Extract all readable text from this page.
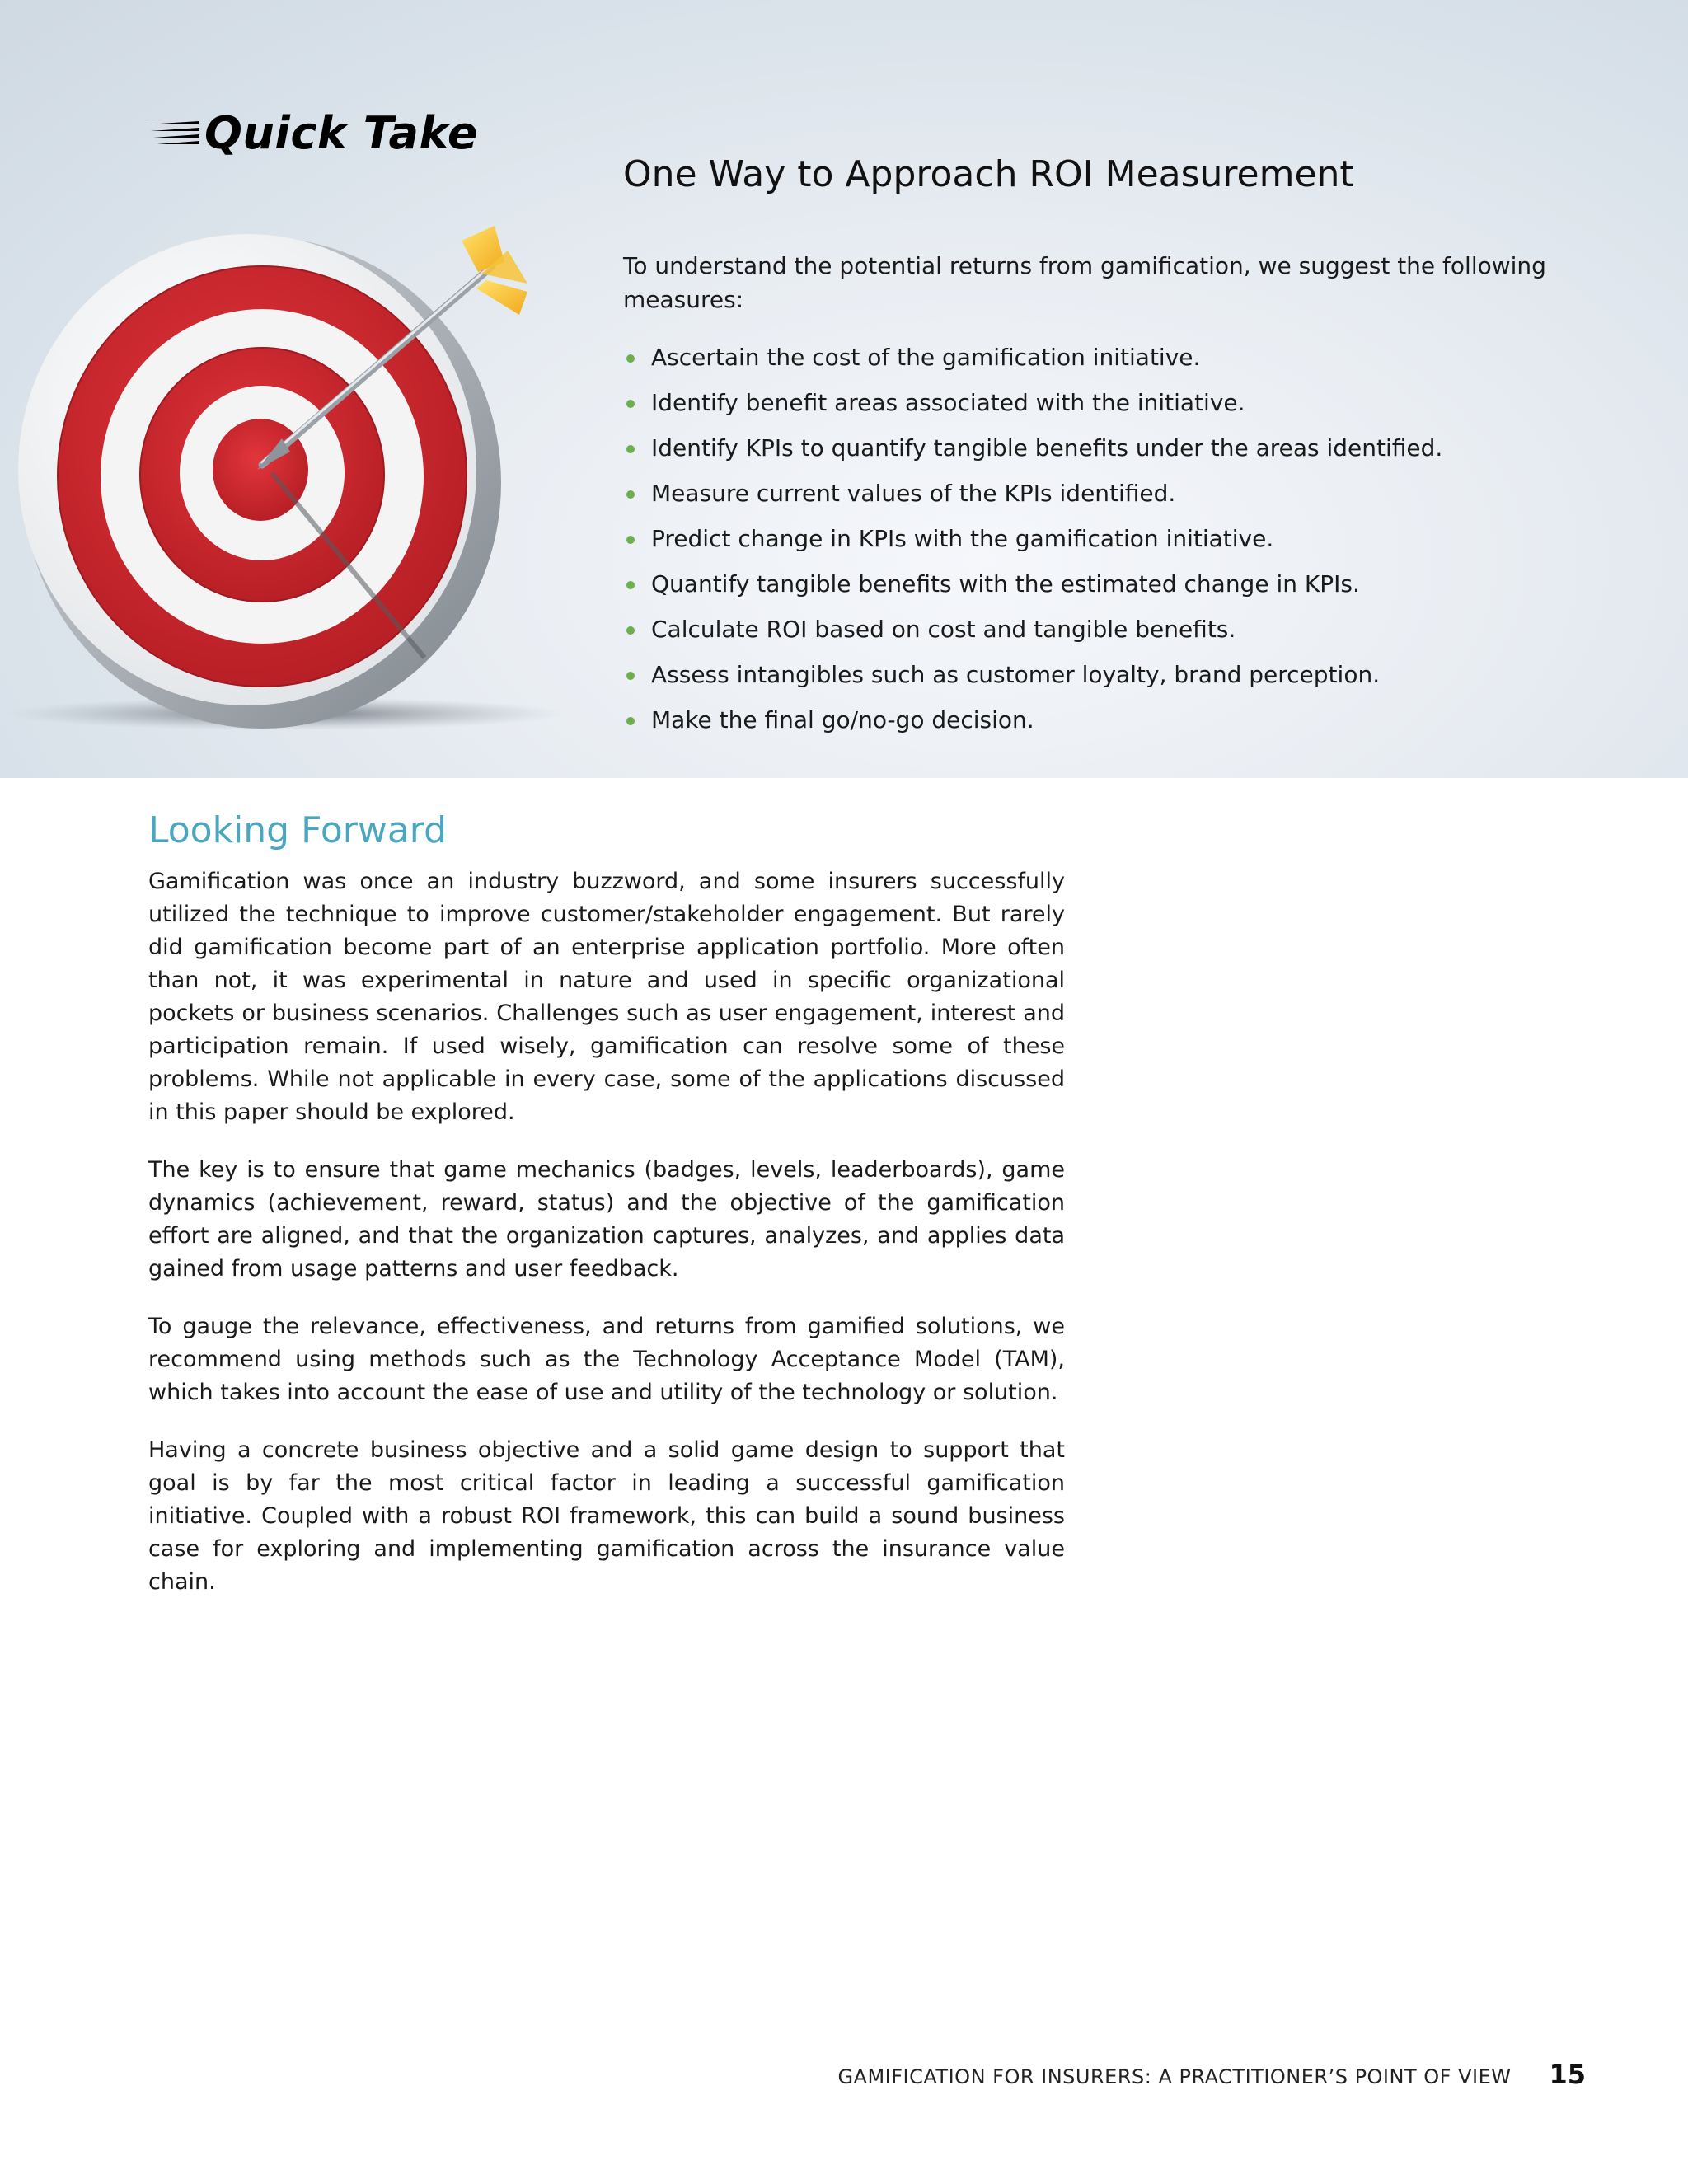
Quick Take
One Way to Approach ROI Measurement

To understand the potential returns from gamification, we suggest the following measures:

Ascertain the cost of the gamification initiative.
Identify benefit areas associated with the initiative.
Identify KPIs to quantify tangible benefits under the areas identified.
Measure current values of the KPIs identified.
Predict change in KPIs with the gamification initiative.
Quantify tangible benefits with the estimated change in KPIs.
Calculate ROI based on cost and tangible benefits.
Assess intangibles such as customer loyalty, brand perception.
Make the final go/no-go decision.
Looking Forward

Gamification was once an industry buzzword, and some insurers successfully utilized the technique to improve customer/stakeholder engagement. But rarely did gamification become part of an enterprise application portfolio. More often than not, it was experimental in nature and used in specific organizational pockets or business scenarios. Challenges such as user engagement, interest and participation remain. If used wisely, gamification can resolve some of these problems. While not applicable in every case, some of the applications discussed in this paper should be explored.

The key is to ensure that game mechanics (badges, levels, leaderboards), game dynamics (achievement, reward, status) and the objective of the gamification effort are aligned, and that the organization captures, analyzes, and applies data gained from usage patterns and user feedback.

To gauge the relevance, effectiveness, and returns from gamified solutions, we recommend using methods such as the Technology Acceptance Model (TAM), which takes into account the ease of use and utility of the technology or solution.

Having a concrete business objective and a solid game design to support that goal is by far the most critical factor in leading a successful gamification initiative. Coupled with a robust ROI framework, this can build a sound business case for exploring and implementing gamification across the insurance value chain.

GAMIFICATION FOR INSURERS: A PRACTITIONER’S POINT OF VIEW 15
